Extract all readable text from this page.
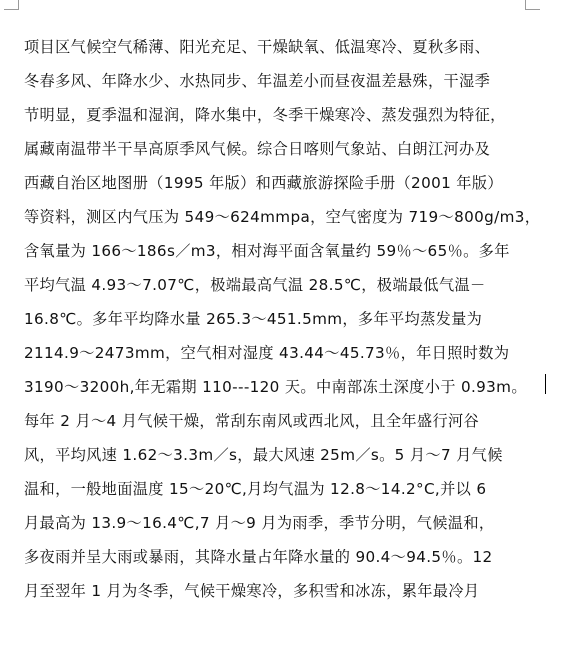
项目区气候空气稀薄、阳光充足、干燥缺氧、低温寒冷、夏秋多雨、
冬春多风、年降水少、水热同步、年温差小而昼夜温差悬殊，干湿季
节明显，夏季温和湿润，降水集中，冬季干燥寒冷、蒸发强烈为特征，
属藏南温带半干旱高原季风气候。综合日喀则气象站、白朗江河办及
西藏自治区地图册（1995 年版）和西藏旅游探险手册（2001 年版）
等资料，测区内气压为 549～624mmpa，空气密度为 719～800g/m3，
含氧量为 166～186s／m3，相对海平面含氧量约 59％～65％。多年
平均气温 4.93～7.07℃，极端最高气温 28.5℃，极端最低气温－
16.8℃。多年平均降水量 265.3～451.5mm，多年平均蒸发量为
2114.9～2473mm，空气相对湿度 43.44～45.73％，年日照时数为
3190～3200h,年无霜期 110---120 天。中南部冻土深度小于 0.93m。
每年 2 月～4 月气候干燥，常刮东南风或西北风，且全年盛行河谷
风，平均风速 1.62～3.3m／s，最大风速 25m／s。5 月～7 月气候
温和，一般地面温度 15～20℃,月均气温为 12.8～14.2°C,并以 6
月最高为 13.9～16.4℃,7 月～9 月为雨季，季节分明，气候温和，
多夜雨并呈大雨或暴雨，其降水量占年降水量的 90.4～94.5％。12
月至翌年 1 月为冬季，气候干燥寒冷，多积雪和冰冻，累年最冷月
